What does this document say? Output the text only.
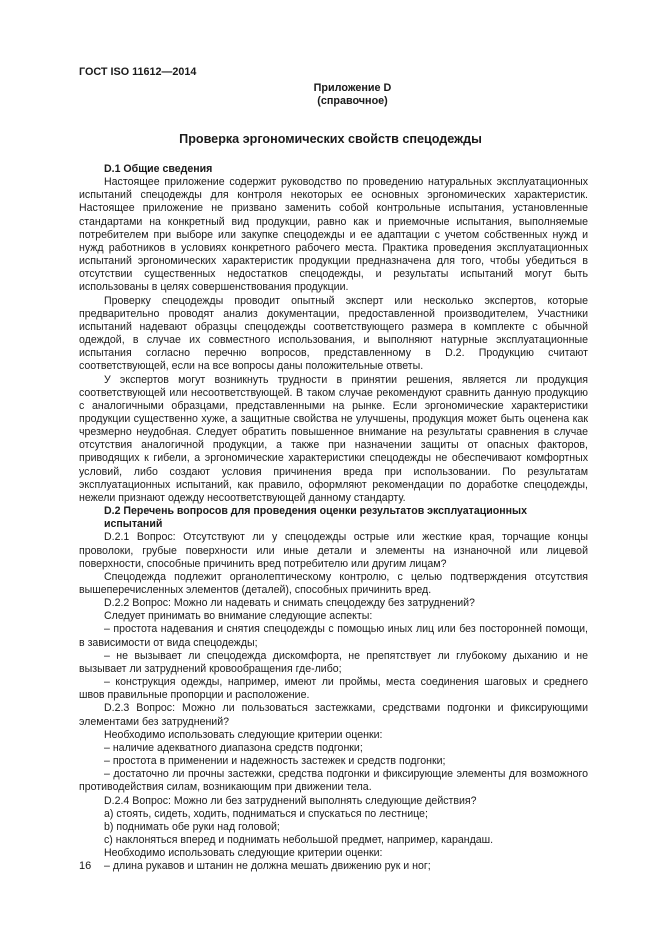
ГОСТ ISO 11612—2014
Приложение D
(справочное)
Проверка эргономических свойств спецодежды
D.1 Общие сведения

Настоящее приложение содержит руководство по проведению натуральных эксплуатационных испытаний спецодежды для контроля некоторых ее основных эргономических характеристик. Настоящее приложение не призвано заменить собой контрольные испытания, установленные стандартами на конкретный вид продукции, равно как и приемочные испытания, выполняемые потребителем при выборе или закупке спецодежды и ее адаптации с учетом собственных нужд и нужд работников в условиях конкретного рабочего места. Практика проведения эксплуатационных испытаний эргономических характеристик продукции предназначена для того, чтобы убедиться в отсутствии существенных недостатков спецодежды, и результаты испытаний могут быть использованы в целях совершенствования продукции.

Проверку спецодежды проводит опытный эксперт или несколько экспертов, которые предварительно проводят анализ документации, предоставленной производителем, Участники испытаний надевают образцы спецодежды соответствующего размера в комплекте с обычной одеждой, в случае их совместного использования, и выполняют натурные эксплуатационные испытания согласно перечню вопросов, представленному в D.2. Продукцию считают соответствующей, если на все вопросы даны положительные ответы.

У экспертов могут возникнуть трудности в принятии решения, является ли продукция соответствующей или несоответствующей. В таком случае рекомендуют сравнить данную продукцию с аналогичными образцами, представленными на рынке. Если эргономические характеристики продукции существенно хуже, а защитные свойства не улучшены, продукция может быть оценена как чрезмерно неудобная. Следует обратить повышенное внимание на результаты сравнения в случае отсутствия аналогичной продукции, а также при назначении защиты от опасных факторов, приводящих к гибели, а эргономические характеристики спецодежды не обеспечивают комфортных условий, либо создают условия причинения вреда при использовании. По результатам эксплуатационных испытаний, как правило, оформляют рекомендации по доработке спецодежды, нежели признают одежду несоответствующей данному стандарту.

D.2 Перечень вопросов для проведения оценки результатов эксплуатационных испытаний

D.2.1 Вопрос: Отсутствуют ли у спецодежды острые или жесткие края, торчащие концы проволоки, грубые поверхности или иные детали и элементы на изнаночной или лицевой поверхности, способные причинить вред потребителю или другим лицам?

Спецодежда подлежит органолептическому контролю, с целью подтверждения отсутствия вышеперечисленных элементов (деталей), способных причинить вред.

D.2.2 Вопрос: Можно ли надевать и снимать спецодежду без затруднений?

Следует принимать во внимание следующие аспекты:

– простота надевания и снятия спецодежды с помощью иных лиц или без посторонней помощи, в зависимости от вида спецодежды;

– не вызывает ли спецодежда дискомфорта, не препятствует ли глубокому дыханию и не вызывает ли затруднений кровообращения где-либо;

– конструкция одежды, например, имеют ли проймы, места соединения шаговых и среднего швов правильные пропорции и расположение.

D.2.3 Вопрос: Можно ли пользоваться застежками, средствами подгонки и фиксирующими элементами без затруднений?

Необходимо использовать следующие критерии оценки:

– наличие адекватного диапазона средств подгонки;

– простота в применении и надежность застежек и средств подгонки;

– достаточно ли прочны застежки, средства подгонки и фиксирующие элементы для возможного противодействия силам, возникающим при движении тела.

D.2.4 Вопрос: Можно ли без затруднений выполнять следующие действия?

а) стоять, сидеть, ходить, подниматься и спускаться по лестнице;

b) поднимать обе руки над головой;

с) наклоняться вперед и поднимать небольшой предмет, например, карандаш.

Необходимо использовать следующие критерии оценки:

– длина рукавов и штанин не должна мешать движению рук и ног;

16
